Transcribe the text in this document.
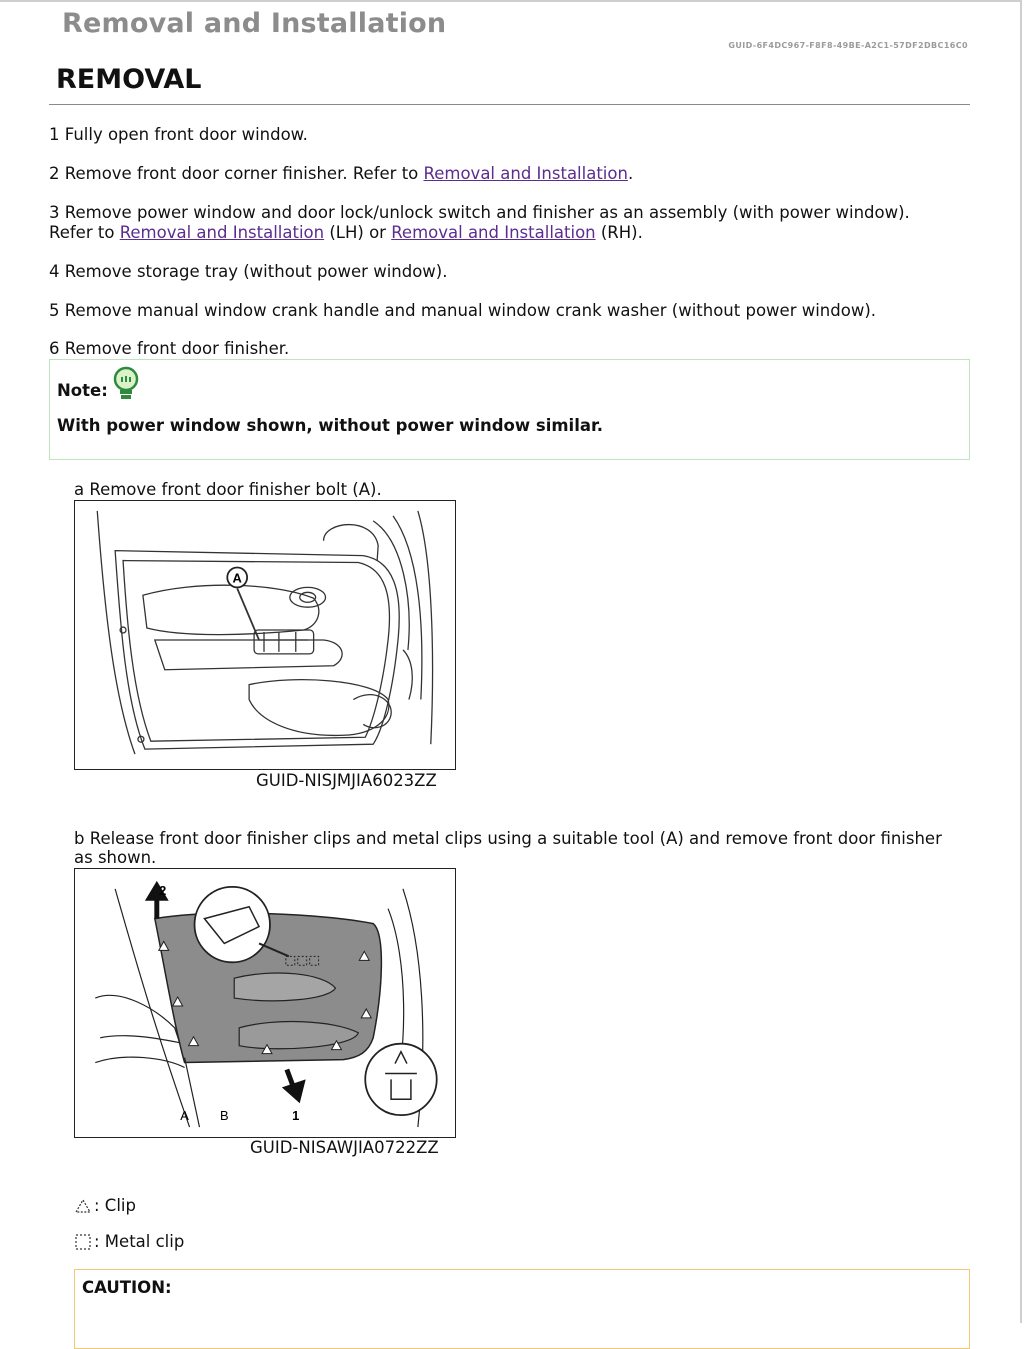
Removal and Installation
GUID-6F4DC967-F8F8-49BE-A2C1-57DF2DBC16C0
REMOVAL
1 Fully open front door window.
2 Remove front door corner finisher. Refer to Removal and Installation.
3 Remove power window and door lock/unlock switch and finisher as an assembly (with power window).
Refer to Removal and Installation (LH) or Removal and Installation (RH).
4 Remove storage tray (without power window).
5 Remove manual window crank handle and manual window crank washer (without power window).
6 Remove front door finisher.
Note:
With power window shown, without power window similar.
a Remove front door finisher bolt (A).
A
GUID-NISJMJIA6023ZZ
b Release front door finisher clips and metal clips using a suitable tool (A) and remove front door finisher
as shown.
2
1
A B
GUID-NISAWJIA0722ZZ
: Clip
: Metal clip
CAUTION:
